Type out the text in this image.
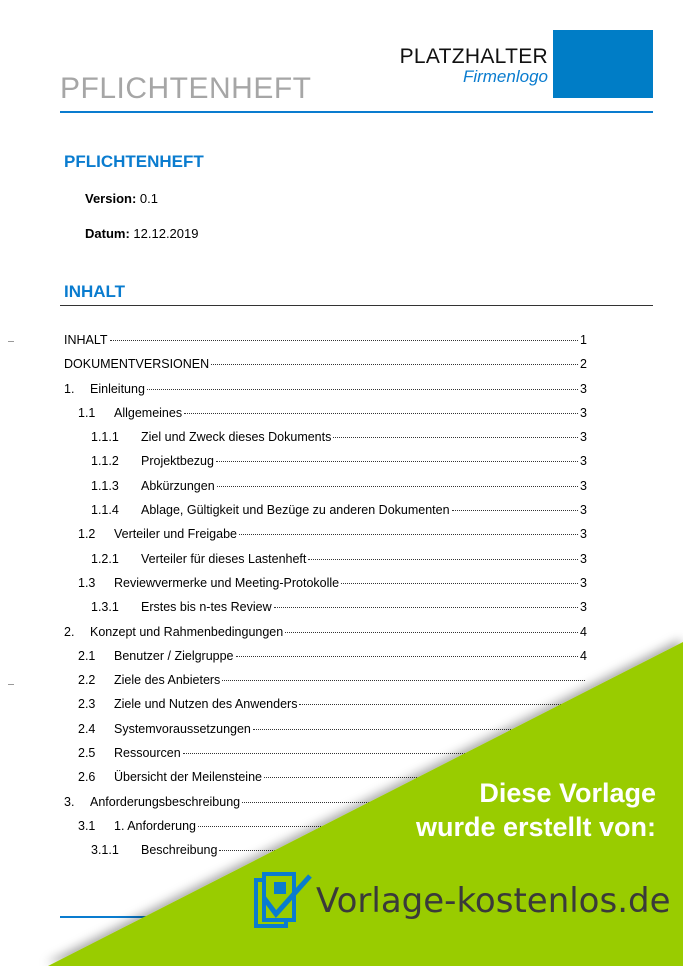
PFLICHTENHEFT
PLATZHALTER
Firmenlogo
PFLICHTENHEFT
Version: 0.1
Datum: 12.12.2019
INHALT
INHALT	1
DOKUMENTVERSIONEN	2
1.	Einleitung	3
1.1	Allgemeines	3
1.1.1	Ziel und Zweck dieses Dokuments	3
1.1.2	Projektbezug	3
1.1.3	Abkürzungen	3
1.1.4	Ablage, Gültigkeit und Bezüge zu anderen Dokumenten	3
1.2	Verteiler und Freigabe	3
1.2.1	Verteiler für dieses Lastenheft	3
1.3	Reviewvermerke und Meeting-Protokolle	3
1.3.1	Erstes bis n-tes Review	3
2.	Konzept und Rahmenbedingungen	4
2.1	Benutzer / Zielgruppe	4
2.2	Ziele des Anbieters
2.3	Ziele und Nutzen des Anwenders
2.4	Systemvoraussetzungen
2.5	Ressourcen
2.6	Übersicht der Meilensteine
3.	Anforderungsbeschreibung
3.1	1. Anforderung
3.1.1	Beschreibung
Diese Vorlage
wurde erstellt von:
Vorlage-kostenlos.de
